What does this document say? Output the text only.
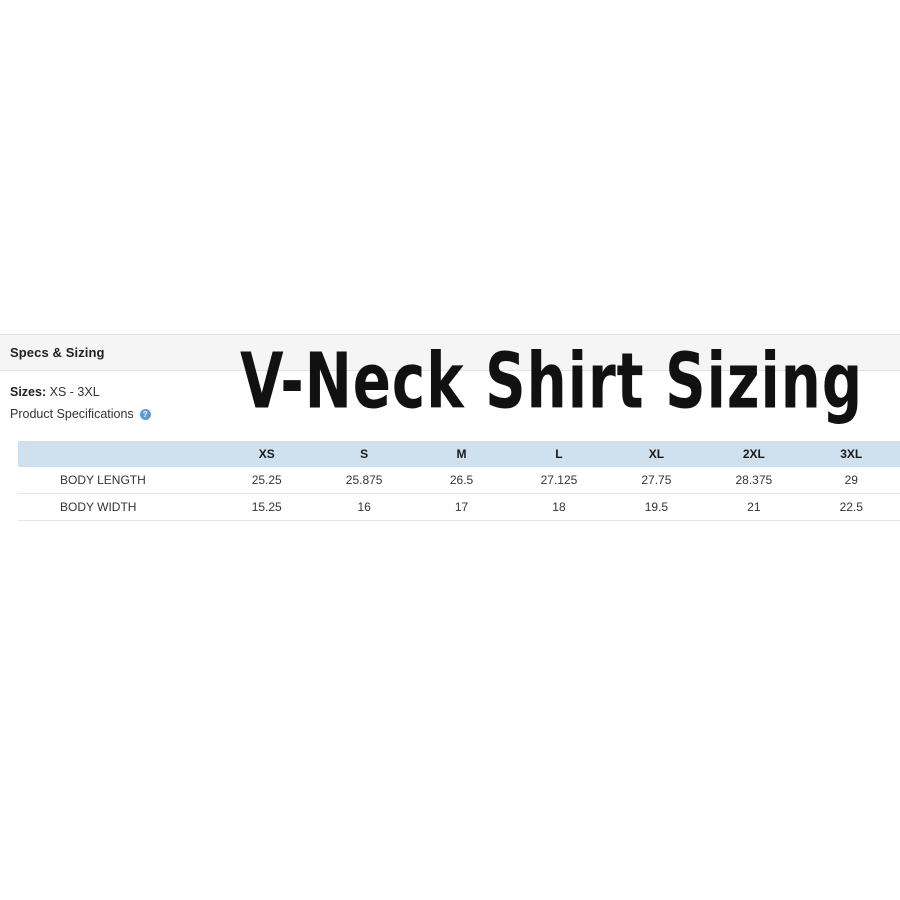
Specs & Sizing
Sizes: XS - 3XL
Product Specifications	?
	XS	S	M	L	XL	2XL	3XL
BODY LENGTH	25.25	25.875	26.5	27.125	27.75	28.375	29
BODY WIDTH	15.25	16	17	18	19.5	21	22.5
V-Neck Shirt Sizing
